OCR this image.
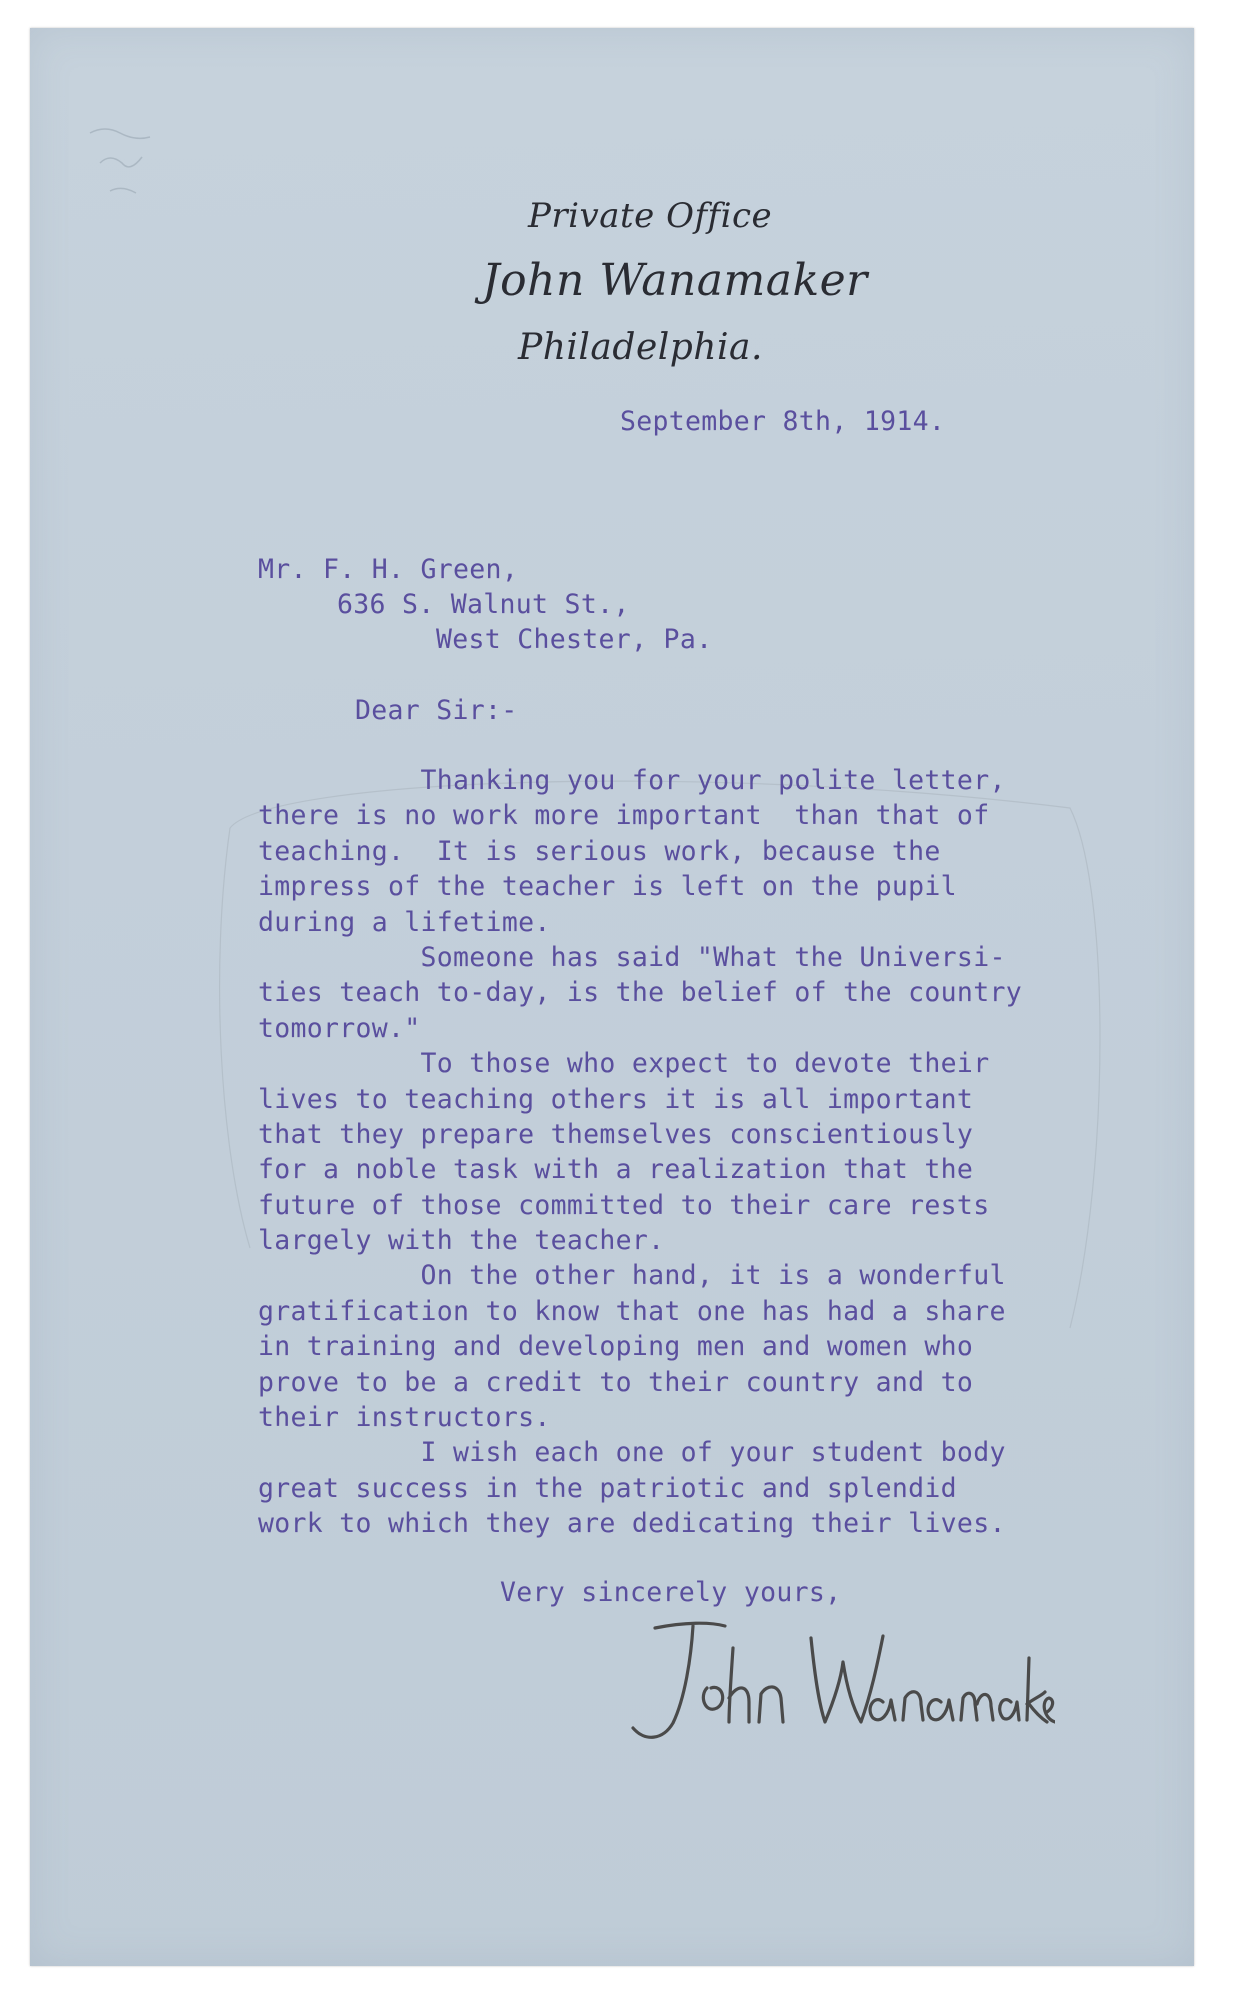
Private Office
John Wanamaker
Philadelphia.
September 8th, 1914.
Mr. F. H. Green,
636 S. Walnut St.,
West Chester, Pa.
Dear Sir:-
Thanking you for your polite letter,
there is no work more important  than that of
teaching.  It is serious work, because the
impress of the teacher is left on the pupil
during a lifetime.
Someone has said "What the Universi-
ties teach to-day, is the belief of the country
tomorrow."
To those who expect to devote their
lives to teaching others it is all important
that they prepare themselves conscientiously
for a noble task with a realization that the
future of those committed to their care rests
largely with the teacher.
On the other hand, it is a wonderful
gratification to know that one has had a share
in training and developing men and women who
prove to be a credit to their country and to
their instructors.
I wish each one of your student body
great success in the patriotic and splendid
work to which they are dedicating their lives.
Very sincerely yours,
